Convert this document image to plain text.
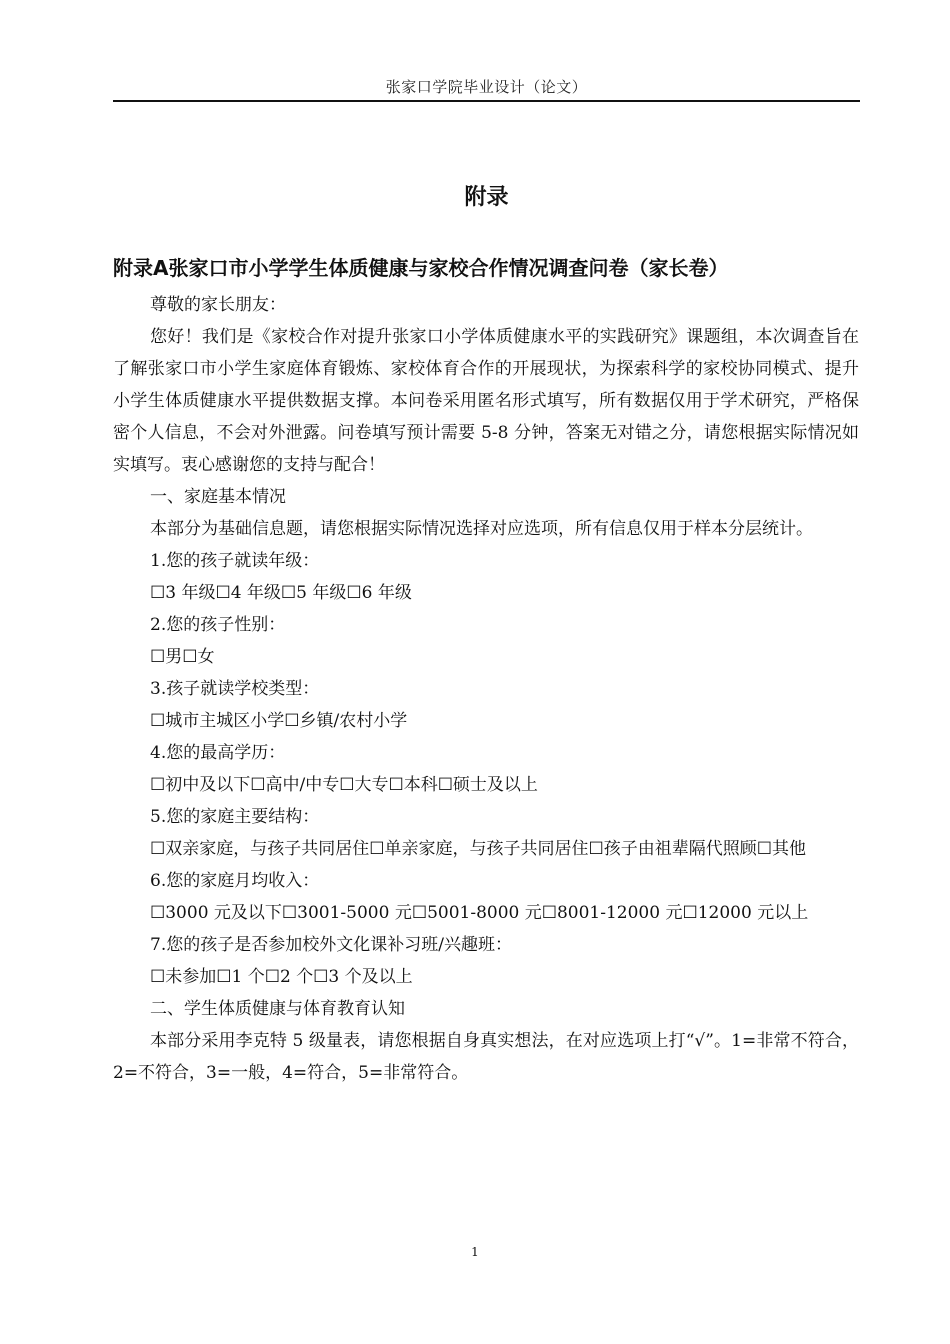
张家口学院毕业设计（论文）
附录
附录A张家口市小学学生体质健康与家校合作情况调查问卷（家长卷）

尊敬的家长朋友：

您好！我们是《家校合作对提升张家口小学体质健康水平的实践研究》课题组，本次调查旨在了解张家口市小学生家庭体育锻炼、家校体育合作的开展现状，为探索科学的家校协同模式、提升小学生体质健康水平提供数据支撑。本问卷采用匿名形式填写，所有数据仅用于学术研究，严格保密个人信息，不会对外泄露。问卷填写预计需要 5-8 分钟，答案无对错之分，请您根据实际情况如实填写。衷心感谢您的支持与配合！

一、家庭基本情况

本部分为基础信息题，请您根据实际情况选择对应选项，所有信息仅用于样本分层统计。

1.您的孩子就读年级：

☐3 年级☐4 年级☐5 年级☐6 年级

2.您的孩子性别：

☐男☐女

3.孩子就读学校类型：

☐城市主城区小学☐乡镇/农村小学

4.您的最高学历：

☐初中及以下☐高中/中专☐大专☐本科☐硕士及以上

5.您的家庭主要结构：

☐双亲家庭，与孩子共同居住☐单亲家庭，与孩子共同居住☐孩子由祖辈隔代照顾☐其他

6.您的家庭月均收入：

☐3000 元及以下☐3001-5000 元☐5001-8000 元☐8001-12000 元☐12000 元以上

7.您的孩子是否参加校外文化课补习班/兴趣班：

☐未参加☐1 个☐2 个☐3 个及以上

二、学生体质健康与体育教育认知

本部分采用李克特 5 级量表，请您根据自身真实想法，在对应选项上打“√”。1=非常不符合，2=不符合，3=一般，4=符合，5=非常符合。

1
